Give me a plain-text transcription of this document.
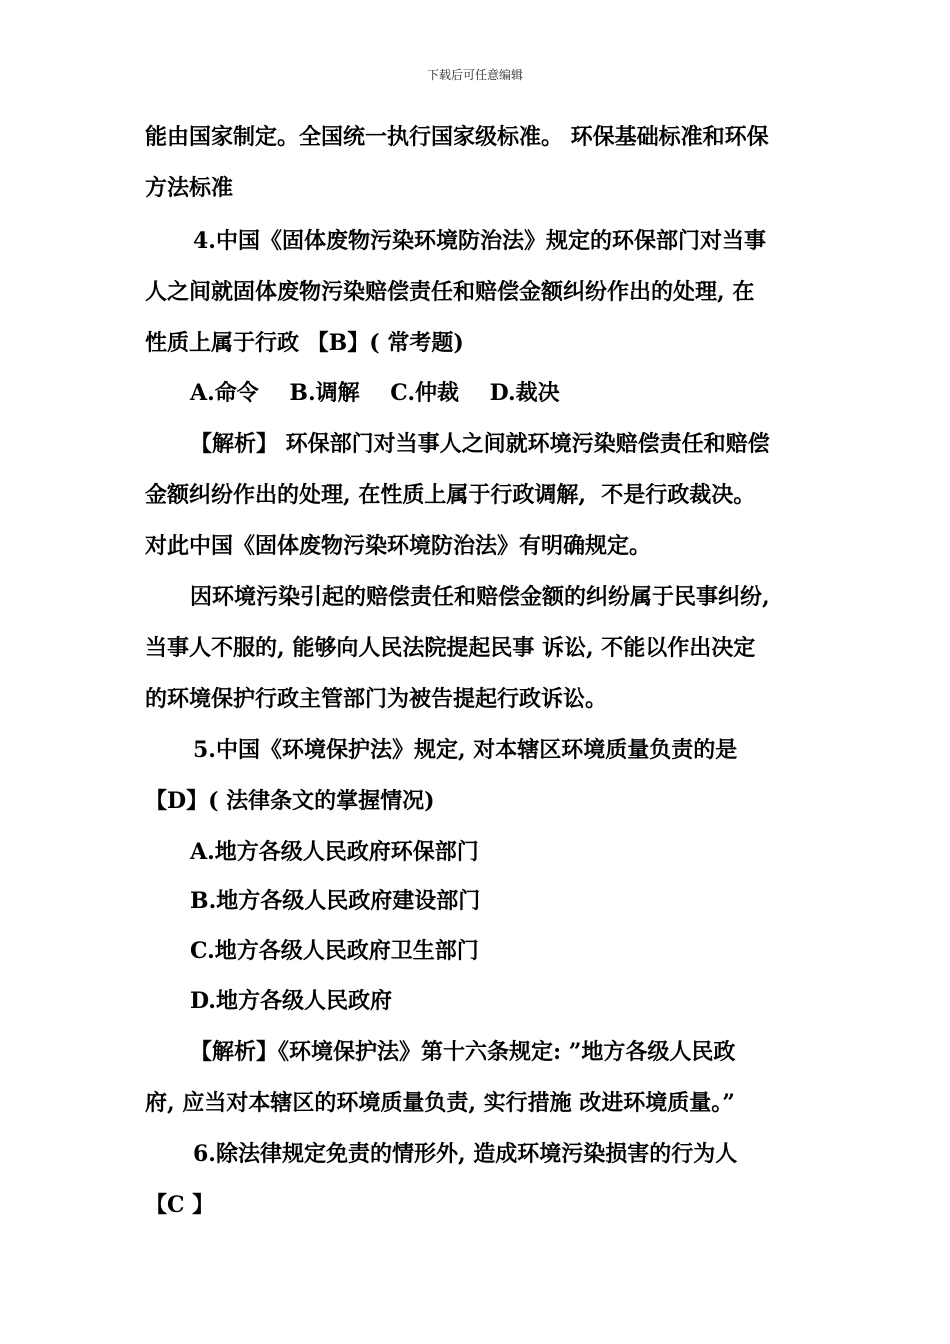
下载后可任意编辑
能由国家制定。全国统一执行国家级标准。 环保基础标准和环保
方法标准
4.中国《固体废物污染环境防治法》规定的环保部门对当事
人之间就固体废物污染赔偿责任和赔偿金额纠纷作出的处理, 在
性质上属于行政 【B】( 常考题)
A.命令    B.调解    C.仲裁    D.裁决
【解析】 环保部门对当事人之间就环境污染赔偿责任和赔偿
金额纠纷作出的处理, 在性质上属于行政调解,  不是行政裁决。
对此中国《固体废物污染环境防治法》有明确规定。
因环境污染引起的赔偿责任和赔偿金额的纠纷属于民事纠纷,
当事人不服的, 能够向人民法院提起民事 诉讼, 不能以作出决定
的环境保护行政主管部门为被告提起行政诉讼。
5.中国《环境保护法》规定, 对本辖区环境质量负责的是
【D】( 法律条文的掌握情况)
A.地方各级人民政府环保部门
B.地方各级人民政府建设部门
C.地方各级人民政府卫生部门
D.地方各级人民政府
【解析】《环境保护法》第十六条规定: ”地方各级人民政
府, 应当对本辖区的环境质量负责, 实行措施 改进环境质量。”
6.除法律规定免责的情形外, 造成环境污染损害的行为人
【C 】
